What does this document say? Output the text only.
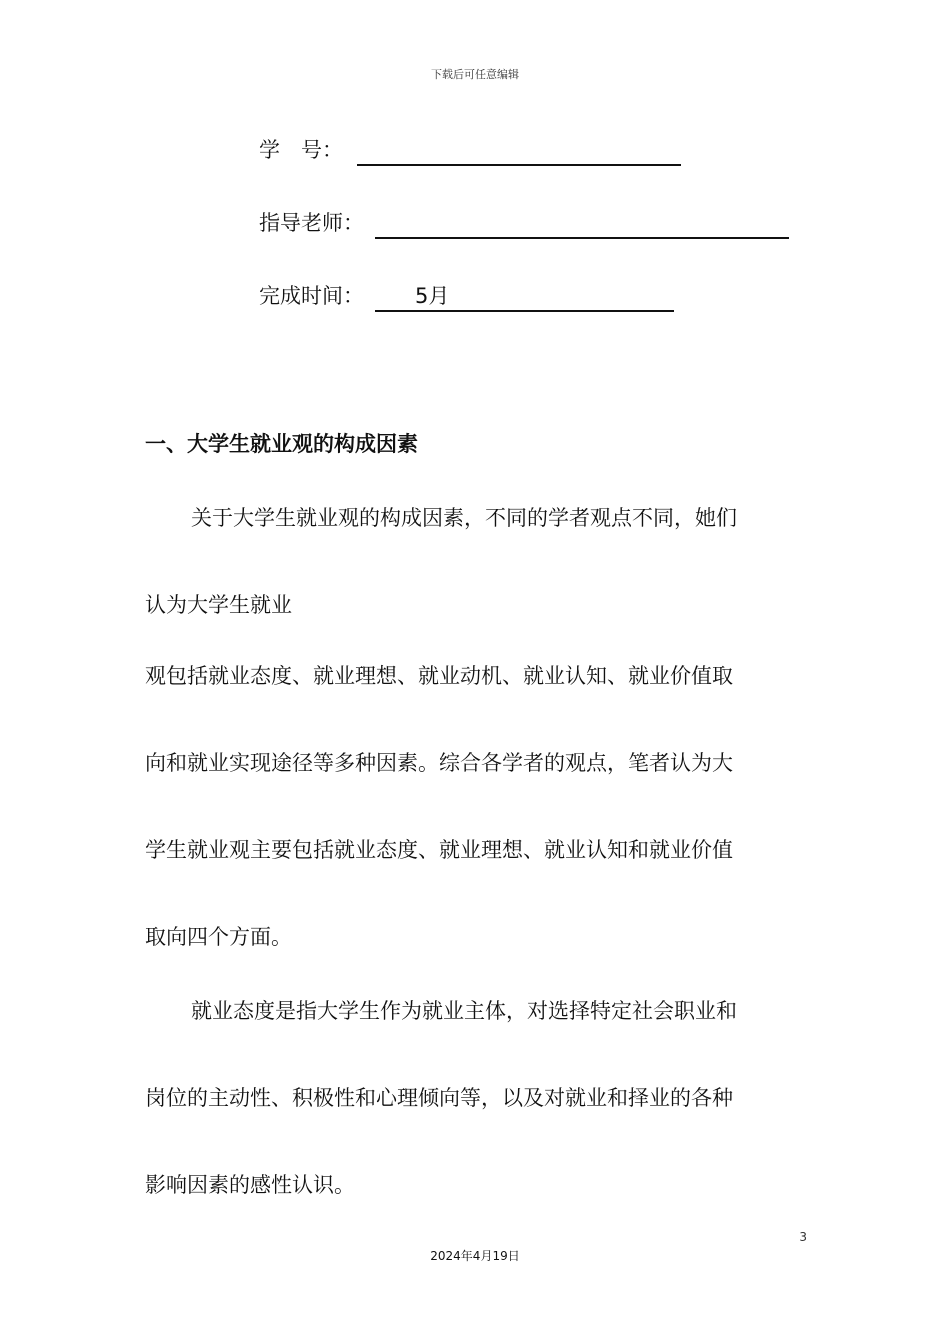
下载后可任意编辑
学　号：
指导老师：
完成时间：	5月
一、大学生就业观的构成因素
关于大学生就业观的构成因素，不同的学者观点不同，她们
认为大学生就业
观包括就业态度、就业理想、就业动机、就业认知、就业价值取
向和就业实现途径等多种因素。综合各学者的观点，笔者认为大
学生就业观主要包括就业态度、就业理想、就业认知和就业价值
取向四个方面。
就业态度是指大学生作为就业主体，对选择特定社会职业和
岗位的主动性、积极性和心理倾向等，以及对就业和择业的各种
影响因素的感性认识。
3
2024年4月19日
